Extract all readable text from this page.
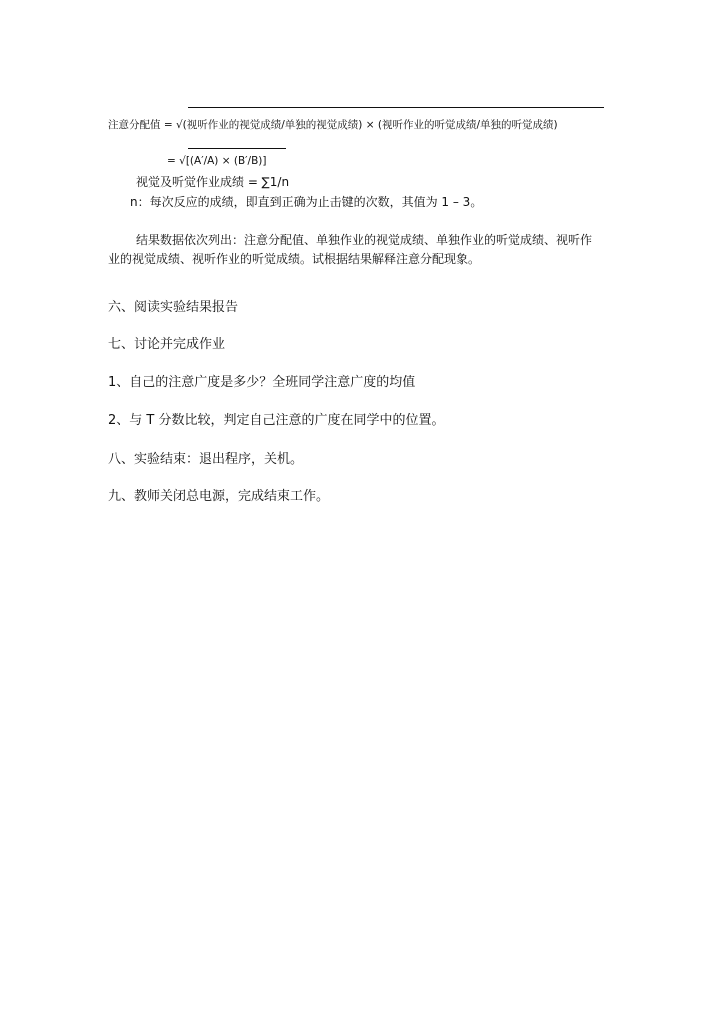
注意分配值 = √(视听作业的视觉成绩/单独的视觉成绩) × (视听作业的听觉成绩/单独的听觉成绩)
= √[(A′/A) × (B′/B)]
视觉及听觉作业成绩 = ∑1/n
n：每次反应的成绩，即直到正确为止击键的次数，其值为 1 – 3。
结果数据依次列出：注意分配值、单独作业的视觉成绩、单独作业的听觉成绩、视听作
业的视觉成绩、视听作业的听觉成绩。试根据结果解释注意分配现象。
六、阅读实验结果报告
七、讨论并完成作业
1、自己的注意广度是多少？全班同学注意广度的均值
2、与 T 分数比较，判定自己注意的广度在同学中的位置。
八、实验结束：退出程序，关机。
九、教师关闭总电源，完成结束工作。
